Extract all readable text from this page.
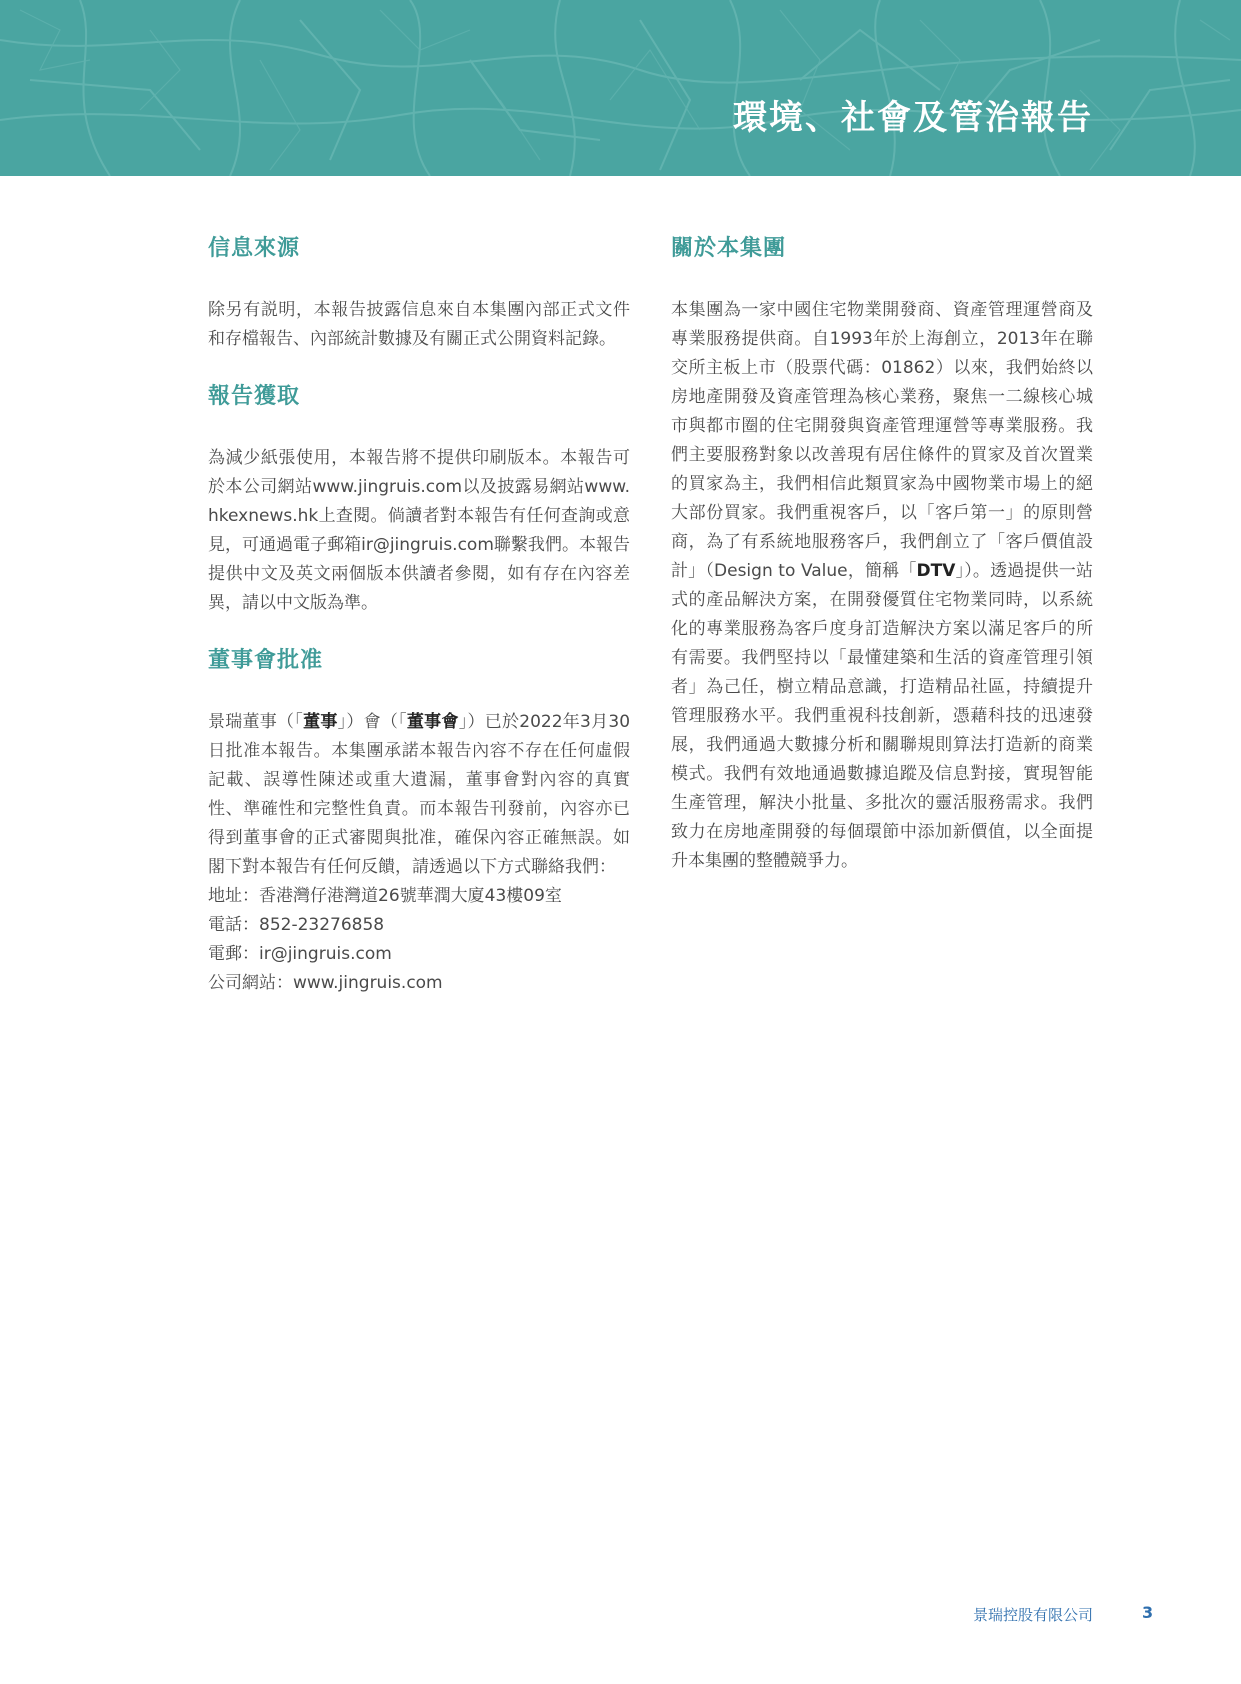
環境、社會及管治報告
信息來源

除另有説明，本報告披露信息來自本集團內部正式文件和存檔報告、內部統計數據及有關正式公開資料記錄。

報告獲取

為減少紙張使用，本報告將不提供印刷版本。本報告可於本公司網站www.jingruis.com以及披露易網站www.hkexnews.hk上查閱。倘讀者對本報告有任何查詢或意見，可通過電子郵箱ir@jingruis.com聯繫我們。本報告提供中文及英文兩個版本供讀者參閱，如有存在內容差異，請以中文版為準。

董事會批准

景瑞董事（「董事」）會（「董事會」）已於2022年3月30日批准本報告。本集團承諾本報告內容不存在任何虛假記載、誤導性陳述或重大遺漏，董事會對內容的真實性、準確性和完整性負責。而本報告刊發前，內容亦已得到董事會的正式審閲與批准，確保內容正確無誤。如閣下對本報告有任何反饋，請透過以下方式聯絡我們：

地址：香港灣仔港灣道26號華潤大廈43樓09室
電話：852-23276858
電郵：ir@jingruis.com
公司網站：www.jingruis.com
關於本集團

本集團為一家中國住宅物業開發商、資產管理運營商及專業服務提供商。自1993年於上海創立，2013年在聯交所主板上市（股票代碼：01862）以來，我們始終以房地產開發及資產管理為核心業務，聚焦一二線核心城市與都市圈的住宅開發與資產管理運營等專業服務。我們主要服務對象以改善現有居住條件的買家及首次置業的買家為主，我們相信此類買家為中國物業市場上的絕大部份買家。我們重視客戶，以「客戶第一」的原則營商，為了有系統地服務客戶，我們創立了「客戶價值設計」（Design to Value，簡稱「DTV」）。透過提供一站式的產品解決方案，在開發優質住宅物業同時，以系統化的專業服務為客戶度身訂造解決方案以滿足客戶的所有需要。我們堅持以「最懂建築和生活的資產管理引領者」為己任，樹立精品意識，打造精品社區，持續提升管理服務水平。我們重視科技創新，憑藉科技的迅速發展，我們通過大數據分析和關聯規則算法打造新的商業模式。我們有效地通過數據追蹤及信息對接，實現智能生產管理，解決小批量、多批次的靈活服務需求。我們致力在房地產開發的每個環節中添加新價值，以全面提升本集團的整體競爭力。

景瑞控股有限公司	3
